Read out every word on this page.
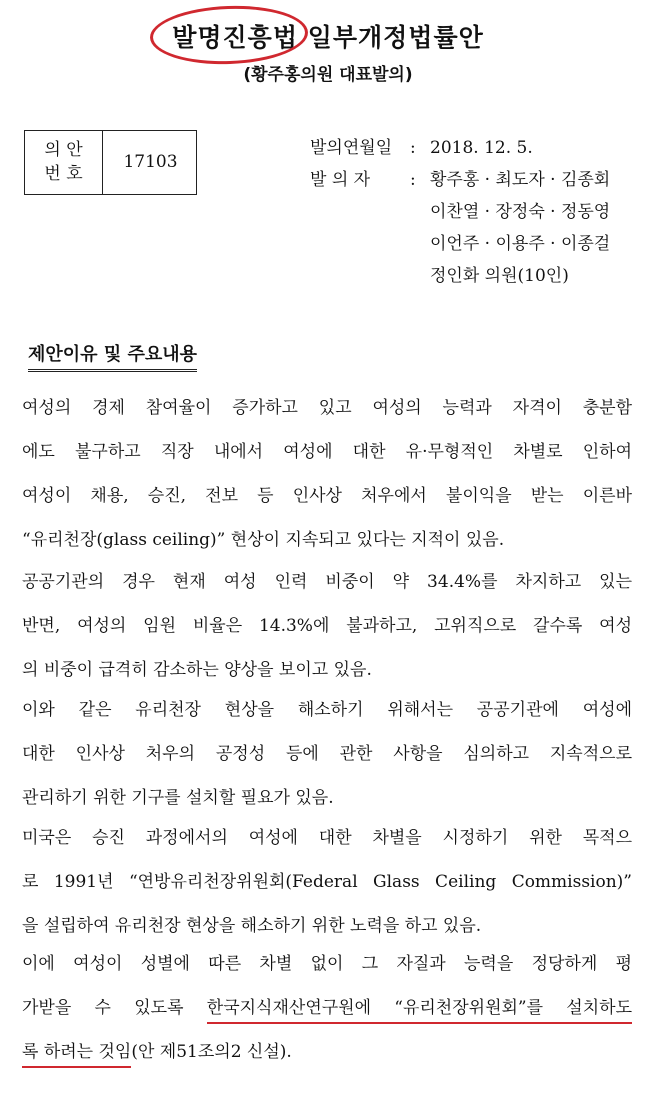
발명진흥법 일부개정법률안
(황주홍의원 대표발의)
의 안
번 호
17103
발의연월일 : 2018. 12. 5.
발 의 자 : 황주홍 · 최도자 · 김종회
이찬열 · 장정숙 · 정동영
이언주 · 이용주 · 이종걸
정인화 의원(10인)
제안이유 및 주요내용
여성의 경제 참여율이 증가하고 있고 여성의 능력과 자격이 충분함
에도 불구하고 직장 내에서 여성에 대한 유·무형적인 차별로 인하여
여성이 채용, 승진, 전보 등 인사상 처우에서 불이익을 받는 이른바
“유리천장(glass ceiling)” 현상이 지속되고 있다는 지적이 있음.
공공기관의 경우 현재 여성 인력 비중이 약 34.4%를 차지하고 있는
반면, 여성의 임원 비율은 14.3%에 불과하고, 고위직으로 갈수록 여성
의 비중이 급격히 감소하는 양상을 보이고 있음.
이와 같은 유리천장 현상을 해소하기 위해서는 공공기관에 여성에
대한 인사상 처우의 공정성 등에 관한 사항을 심의하고 지속적으로
관리하기 위한 기구를 설치할 필요가 있음.
미국은 승진 과정에서의 여성에 대한 차별을 시정하기 위한 목적으
로 1991년 “연방유리천장위원회(Federal Glass Ceiling Commission)”
을 설립하여 유리천장 현상을 해소하기 위한 노력을 하고 있음.
이에 여성이 성별에 따른 차별 없이 그 자질과 능력을 정당하게 평
가받을 수 있도록 한국지식재산연구원에 “유리천장위원회”를 설치하도
록 하려는 것임(안 제51조의2 신설).
